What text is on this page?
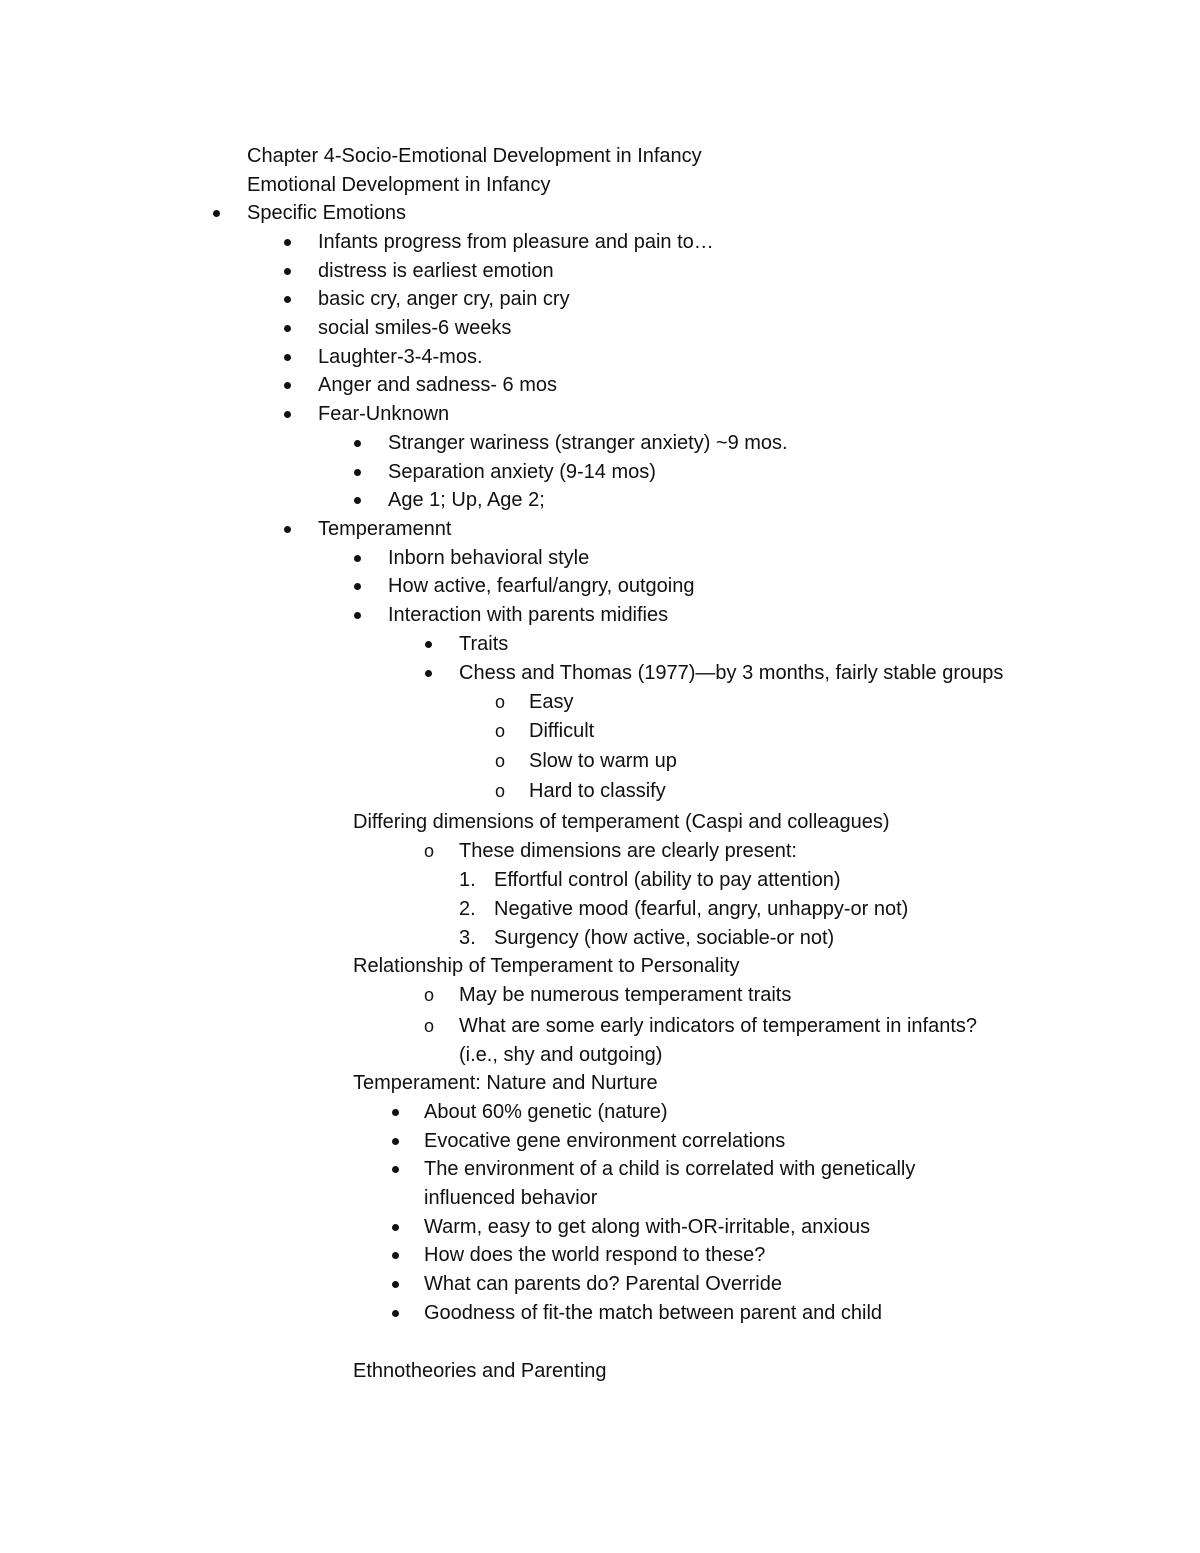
Chapter 4-Socio-Emotional Development in Infancy
Emotional Development in Infancy
Specific Emotions
Infants progress from pleasure and pain to…
distress is earliest emotion
basic cry, anger cry, pain cry
social smiles-6 weeks
Laughter-3-4-mos.
Anger and sadness- 6 mos
Fear-Unknown
Stranger wariness (stranger anxiety) ~9 mos.
Separation anxiety (9-14 mos)
Age 1; Up, Age 2;
Temperamennt
Inborn behavioral style
How active, fearful/angry, outgoing
Interaction with parents midifies
Traits
Chess and Thomas (1977)—by 3 months, fairly stable groups
o Easy
o Difficult
o Slow to warm up
o Hard to classify
Differing dimensions of temperament (Caspi and colleagues)
o These dimensions are clearly present:
1. Effortful control (ability to pay attention)
2. Negative mood (fearful, angry, unhappy-or not)
3. Surgency (how active, sociable-or not)
Relationship of Temperament to Personality
o May be numerous temperament traits
o What are some early indicators of temperament in infants?
(i.e., shy and outgoing)
Temperament: Nature and Nurture
About 60% genetic (nature)
Evocative gene environment correlations
The environment of a child is correlated with genetically
influenced behavior
Warm, easy to get along with-OR-irritable, anxious
How does the world respond to these?
What can parents do? Parental Override
Goodness of fit-the match between parent and child
Ethnotheories and Parenting
